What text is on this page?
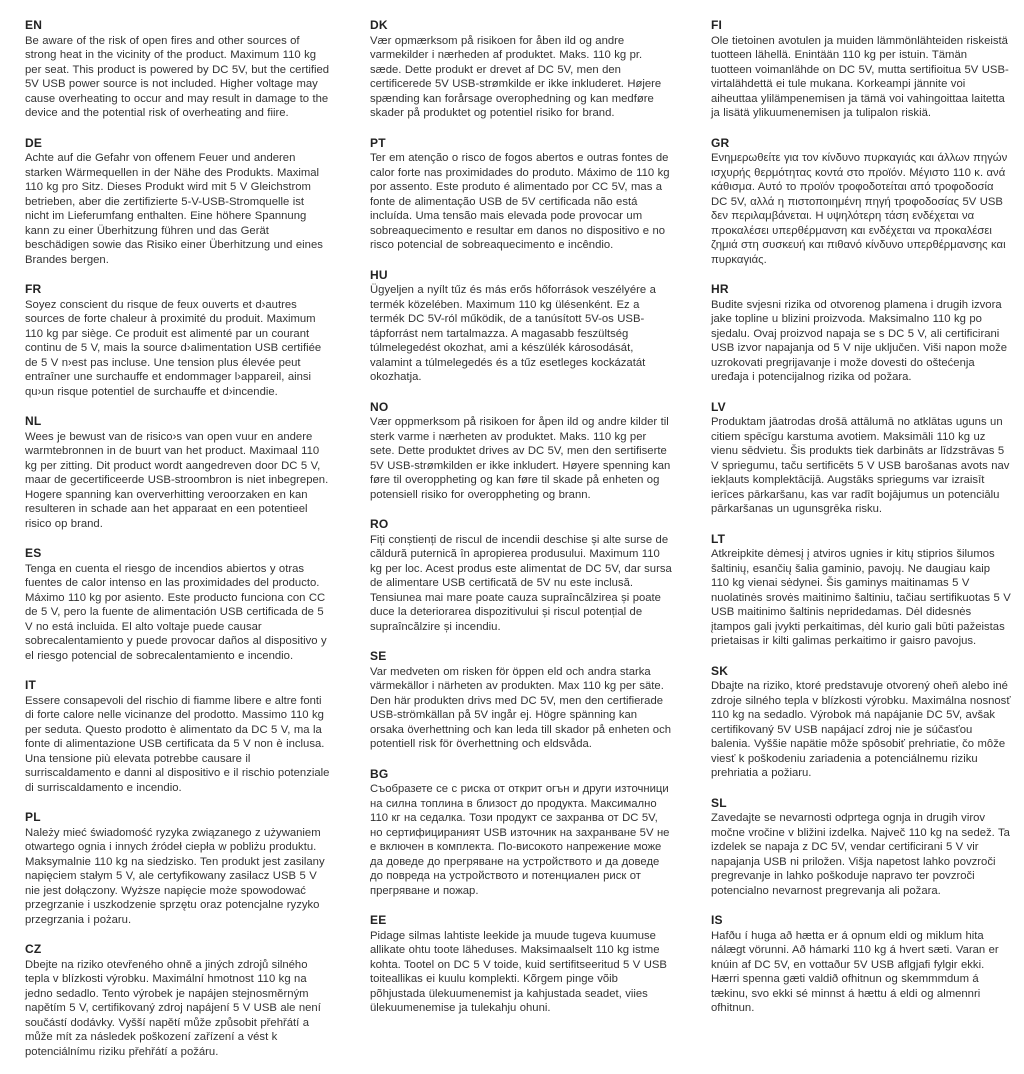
EN

Be aware of the risk of open fires and other sources of strong heat in the vicinity of the product. Maximum 110 kg per seat. This product is powered by DC 5V, but the certified 5V USB power source is not included. Higher voltage may cause overheating to occur and may result in damage to the device and the potential risk of overheating and fiire.

DE

Achte auf die Gefahr von offenem Feuer und anderen starken Wärmequellen in der Nähe des Produkts. Maximal 110 kg pro Sitz. Dieses Produkt wird mit 5 V Gleichstrom betrieben, aber die zertifizierte 5-V-USB-Stromquelle ist nicht im Lieferumfang enthalten. Eine höhere Spannung kann zu einer Überhitzung führen und das Gerät beschädigen sowie das Risiko einer Überhitzung und eines Brandes bergen.

FR

Soyez conscient du risque de feux ouverts et d›autres sources de forte chaleur à proximité du produit. Maximum 110 kg par siège. Ce produit est alimenté par un courant continu de 5 V, mais la source d›alimentation USB certifiée de 5 V n›est pas incluse. Une tension plus élevée peut entraîner une surchauffe et endommager l›appareil, ainsi qu›un risque potentiel de surchauffe et d›incendie.

NL

Wees je bewust van de risico›s van open vuur en andere warmtebronnen in de buurt van het product. Maximaal 110 kg per zitting. Dit product wordt aangedreven door DC 5 V, maar de gecertificeerde USB-stroombron is niet inbegrepen. Hogere spanning kan oververhitting veroorzaken en kan resulteren in schade aan het apparaat en een potentieel risico op brand.

ES

Tenga en cuenta el riesgo de incendios abiertos y otras fuentes de calor intenso en las proximidades del producto. Máximo 110 kg por asiento. Este producto funciona con CC de 5 V, pero la fuente de alimentación USB certificada de 5 V no está incluida. El alto voltaje puede causar sobrecalentamiento y puede provocar daños al dispositivo y el riesgo potencial de sobrecalentamiento e incendio.

IT

Essere consapevoli del rischio di fiamme libere e altre fonti di forte calore nelle vicinanze del prodotto. Massimo 110 kg per seduta. Questo prodotto è alimentato da DC 5 V, ma la fonte di alimentazione USB certificata da 5 V non è inclusa. Una tensione più elevata potrebbe causare il surriscaldamento e danni al dispositivo e il rischio potenziale di surriscaldamento e incendio.

PL

Należy mieć świadomość ryzyka związanego z używaniem otwartego ognia i innych źródeł ciepła w pobliżu produktu. Maksymalnie 110 kg na siedzisko. Ten produkt jest zasilany napięciem stałym 5 V, ale certyfikowany zasilacz USB 5 V nie jest dołączony. Wyższe napięcie może spowodować przegrzanie i uszkodzenie sprzętu oraz potencjalne ryzyko przegrzania i pożaru.

CZ

Dbejte na riziko otevřeného ohně a jiných zdrojů silného tepla v blízkosti výrobku. Maximální hmotnost 110 kg na jedno sedadlo. Tento výrobek je napájen stejnosměrným napětím 5 V, certifikovaný zdroj napájení 5 V USB ale není součástí dodávky. Vyšší napětí může způsobit přehřátí a může mít za následek poškození zařízení a vést k potenciálnímu riziku přehřátí a požáru.

DK

Vær opmærksom på risikoen for åben ild og andre varmekilder i nærheden af produktet. Maks. 110 kg pr. sæde. Dette produkt er drevet af DC 5V, men den certificerede 5V USB-strømkilde er ikke inkluderet. Højere spænding kan forårsage overophedning og kan medføre skader på produktet og potentiel risiko for brand.

PT

Ter em atenção o risco de fogos abertos e outras fontes de calor forte nas proximidades do produto. Máximo de 110 kg por assento. Este produto é alimentado por CC 5V, mas a fonte de alimentação USB de 5V certificada não está incluída. Uma tensão mais elevada pode provocar um sobreaquecimento e resultar em danos no dispositivo e no risco potencial de sobreaquecimento e incêndio.

HU

Ügyeljen a nyílt tűz és más erős hőforrások veszélyére a termék közelében. Maximum 110 kg ülésenként. Ez a termék DC 5V-ról működik, de a tanúsított 5V-os USB-tápforrást nem tartalmazza. A magasabb feszültség túlmelegedést okozhat, ami a készülék károsodását, valamint a túlmelegedés és a tűz esetleges kockázatát okozhatja.

NO

Vær oppmerksom på risikoen for åpen ild og andre kilder til sterk varme i nærheten av produktet. Maks. 110 kg per sete. Dette produktet drives av DC 5V, men den sertifiserte 5V USB-strømkilden er ikke inkludert. Høyere spenning kan føre til overoppheting og kan føre til skade på enheten og potensiell risiko for overoppheting og brann.

RO

Fiți conștienți de riscul de incendii deschise și alte surse de căldură puternică în apropierea produsului. Maximum 110 kg per loc. Acest produs este alimentat de DC 5V, dar sursa de alimentare USB certificată de 5V nu este inclusă. Tensiunea mai mare poate cauza supraîncălzirea și poate duce la deteriorarea dispozitivului și riscul potențial de supraîncălzire și incendiu.

SE

Var medveten om risken för öppen eld och andra starka värmekällor i närheten av produkten. Max 110 kg per säte. Den här produkten drivs med DC 5V, men den certifierade USB-strömkällan på 5V ingår ej. Högre spänning kan orsaka överhettning och kan leda till skador på enheten och potentiell risk för överhettning och eldsvåda.

BG

Съобразете се с риска от открит огън и други източници на силна топлина в близост до продукта. Максимално 110 кг на седалка. Този продукт се захранва от DC 5V, но сертифицираният USB източник на захранване 5V не е включен в комплекта. По-високото напрежение може да доведе до прегряване на устройството и да доведе до повреда на устройството и потенциален риск от прегряване и пожар.

EE

Pidage silmas lahtiste leekide ja muude tugeva kuumuse allikate ohtu toote läheduses. Maksimaalselt 110 kg istme kohta. Tootel on DC 5 V toide, kuid sertifitseeritud 5 V USB toiteallikas ei kuulu komplekti. Kõrgem pinge võib põhjustada ülekuumenemist ja kahjustada seadet, viies ülekuumenemise ja tulekahju ohuni.

FI

Ole tietoinen avotulen ja muiden lämmönlähteiden riskeistä tuotteen lähellä. Enintään 110 kg per istuin. Tämän tuotteen voimanlähde on DC 5V, mutta sertifioitua 5V USB-virtalähdettä ei tule mukana. Korkeampi jännite voi aiheuttaa ylilämpenemisen ja tämä voi vahingoittaa laitetta ja lisätä ylikuumenemisen ja tulipalon riskiä.

GR

Ενημερωθείτε για τον κίνδυνο πυρκαγιάς και άλλων πηγών ισχυρής θερμότητας κοντά στο προϊόν. Μέγιστο 110 κ. ανά κάθισμα. Αυτό το προϊόν τροφοδοτείται από τροφοδοσία DC 5V, αλλά η πιστοποιημένη πηγή τροφοδοσίας 5V USB δεν περιλαμβάνεται. Η υψηλότερη τάση ενδέχεται να προκαλέσει υπερθέρμανση και ενδέχεται να προκαλέσει ζημιά στη συσκευή και πιθανό κίνδυνο υπερθέρμανσης και πυρκαγιάς.

HR

Budite svjesni rizika od otvorenog plamena i drugih izvora jake topline u blizini proizvoda. Maksimalno 110 kg po sjedalu. Ovaj proizvod napaja se s DC 5 V, ali certificirani USB izvor napajanja od 5 V nije uključen. Viši napon može uzrokovati pregrijavanje i može dovesti do oštećenja uređaja i potencijalnog rizika od požara.

LV

Produktam jāatrodas drošā attālumā no atklātas uguns un citiem spēcīgu karstuma avotiem. Maksimāli 110 kg uz vienu sēdvietu. Šis produkts tiek darbināts ar līdzstrāvas 5 V spriegumu, taču sertificēts 5 V USB barošanas avots nav iekļauts komplektācijā. Augstāks spriegums var izraisīt ierīces pārkaršanu, kas var radīt bojājumus un potenciālu pārkaršanas un ugunsgrēka risku.

LT

Atkreipkite dėmesį į atviros ugnies ir kitų stiprios šilumos šaltinių, esančių šalia gaminio, pavojų. Ne daugiau kaip 110 kg vienai sėdynei. Šis gaminys maitinamas 5 V nuolatinės srovės maitinimo šaltiniu, tačiau sertifikuotas 5 V USB maitinimo šaltinis nepridedamas. Dėl didesnės įtampos gali įvykti perkaitimas, dėl kurio gali būti pažeistas prietaisas ir kilti galimas perkaitimo ir gaisro pavojus.

SK

Dbajte na riziko, ktoré predstavuje otvorený oheň alebo iné zdroje silného tepla v blízkosti výrobku. Maximálna nosnosť 110 kg na sedadlo. Výrobok má napájanie DC 5V, avšak certifikovaný 5V USB napájací zdroj nie je súčasťou balenia. Vyššie napätie môže spôsobiť prehriatie, čo môže viesť k poškodeniu zariadenia a potenciálnemu riziku prehriatia a požiaru.

SL

Zavedajte se nevarnosti odprtega ognja in drugih virov močne vročine v bližini izdelka. Največ 110 kg na sedež. Ta izdelek se napaja z DC 5V, vendar certificirani 5 V vir napajanja USB ni priložen. Višja napetost lahko povzroči pregrevanje in lahko poškoduje napravo ter povzroči potencialno nevarnost pregrevanja ali požara.

IS

Hafðu í huga að hætta er á opnum eldi og miklum hita nálægt vörunni. Að hámarki 110 kg á hvert sæti. Varan er knúin af DC 5V, en vottaður 5V USB aflgjafi fylgir ekki. Hærri spenna gæti valdið ofhitnun og skemmmdum á tækinu, svo ekki sé minnst á hættu á eldi og almennri ofhitnun.
